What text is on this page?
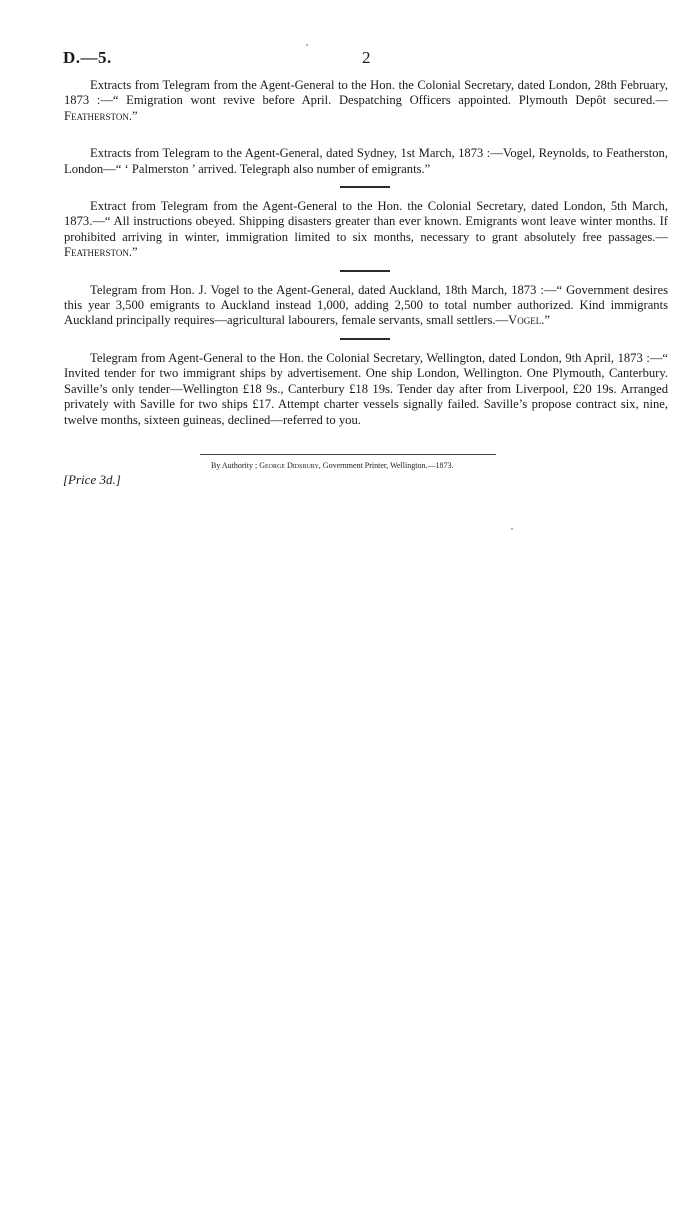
D.—5.	2

Extracts from Telegram from the Agent-General to the Hon. the Colonial Secretary, dated London, 28th February, 1873 :—“ Emigration wont revive before April. Despatching Officers appointed. Plymouth Depôt secured.—Featherston.”

Extracts from Telegram to the Agent-General, dated Sydney, 1st March, 1873 :—Vogel, Reynolds, to Featherston, London—“ ‘ Palmerston ’ arrived. Telegraph also number of emigrants.”

Extract from Telegram from the Agent-General to the Hon. the Colonial Secretary, dated London, 5th March, 1873.—“ All instructions obeyed. Shipping disasters greater than ever known. Emigrants wont leave winter months. If prohibited arriving in winter, immigration limited to six months, necessary to grant absolutely free passages.—Featherston.”

Telegram from Hon. J. Vogel to the Agent-General, dated Auckland, 18th March, 1873 :—“ Government desires this year 3,500 emigrants to Auckland instead 1,000, adding 2,500 to total number authorized. Kind immigrants Auckland principally requires—agricultural labourers, female servants, small settlers.—Vogel.”

Telegram from Agent-General to the Hon. the Colonial Secretary, Wellington, dated London, 9th April, 1873 :—“ Invited tender for two immigrant ships by advertisement. One ship London, Wellington. One Plymouth, Canterbury. Saville’s only tender—Wellington £18 9s., Canterbury £18 19s. Tender day after from Liverpool, £20 19s. Arranged privately with Saville for two ships £17. Attempt charter vessels signally failed. Saville’s propose contract six, nine, twelve months, sixteen guineas, declined—referred to you.

By Authority ; George Didsbury, Government Printer, Wellington.—1873.
[Price 3d.]
